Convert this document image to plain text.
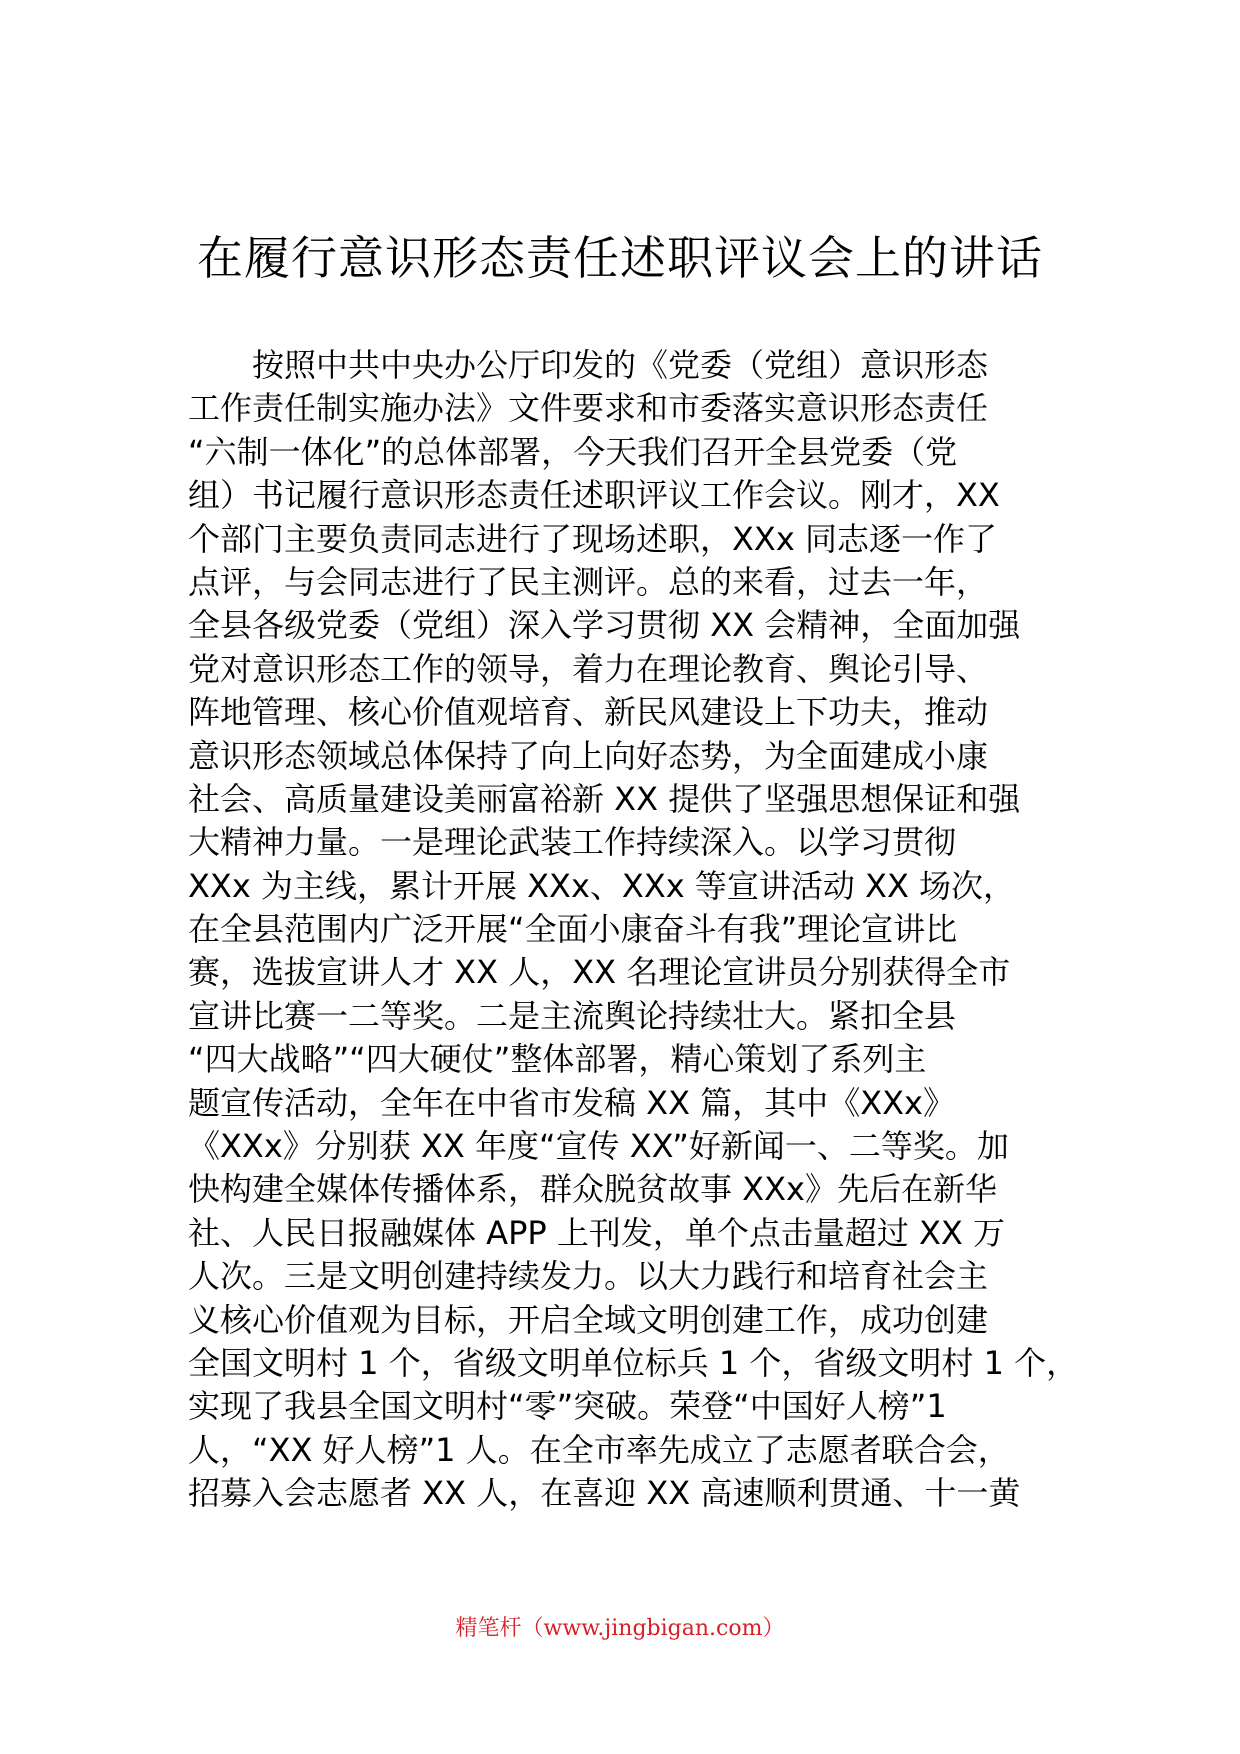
在履行意识形态责任述职评议会上的讲话
按照中共中央办公厅印发的《党委（党组）意识形态
工作责任制实施办法》文件要求和市委落实意识形态责任
“六制一体化”的总体部署，今天我们召开全县党委（党
组）书记履行意识形态责任述职评议工作会议。刚才，XX
个部门主要负责同志进行了现场述职，XXx 同志逐一作了
点评，与会同志进行了民主测评。总的来看，过去一年，
全县各级党委（党组）深入学习贯彻 XX 会精神，全面加强
党对意识形态工作的领导，着力在理论教育、舆论引导、
阵地管理、核心价值观培育、新民风建设上下功夫，推动
意识形态领域总体保持了向上向好态势，为全面建成小康
社会、高质量建设美丽富裕新 XX 提供了坚强思想保证和强
大精神力量。一是理论武装工作持续深入。以学习贯彻
XXx 为主线，累计开展 XXx、XXx 等宣讲活动 XX 场次，
在全县范围内广泛开展“全面小康奋斗有我”理论宣讲比
赛，选拔宣讲人才 XX 人，XX 名理论宣讲员分别获得全市
宣讲比赛一二等奖。二是主流舆论持续壮大。紧扣全县
“四大战略”“四大硬仗”整体部署，精心策划了系列主
题宣传活动，全年在中省市发稿 XX 篇，其中《XXx》
《XXx》分别获 XX 年度“宣传 XX”好新闻一、二等奖。加
快构建全媒体传播体系，群众脱贫故事 XXx》先后在新华
社、人民日报融媒体 APP 上刊发，单个点击量超过 XX 万
人次。三是文明创建持续发力。以大力践行和培育社会主
义核心价值观为目标，开启全域文明创建工作，成功创建
全国文明村 1 个，省级文明单位标兵 1 个，省级文明村 1 个，
实现了我县全国文明村“零”突破。荣登“中国好人榜”1
人，“XX 好人榜”1 人。在全市率先成立了志愿者联合会，
招募入会志愿者 XX 人，在喜迎 XX 高速顺利贯通、十一黄
精笔杆（www.jingbigan.com）
